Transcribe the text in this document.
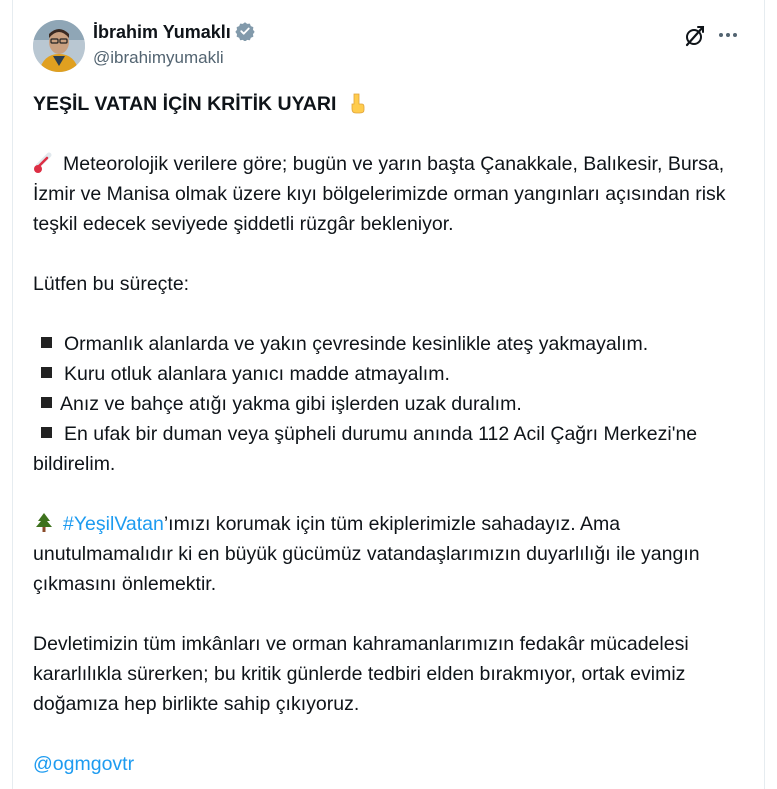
İbrahim Yumaklı
@ibrahimyumakli

YEŞİL VATAN İÇİN KRİTİK UYARI

Meteorolojik verilere göre; bugün ve yarın başta Çanakkale, Balıkesir, Bursa, İzmir ve Manisa olmak üzere kıyı bölgelerimizde orman yangınları açısından risk teşkil edecek seviyede şiddetli rüzgâr bekleniyor.

Lütfen bu süreçte:

Ormanlık alanlarda ve yakın çevresinde kesinlikle ateş yakmayalım.
Kuru otluk alanlara yanıcı madde atmayalım.
Anız ve bahçe atığı yakma gibi işlerden uzak duralım.
En ufak bir duman veya şüpheli durumu anında 112 Acil Çağrı Merkezi'ne bildirelim.

#YeşilVatan’ımızı korumak için tüm ekiplerimizle sahadayız. Ama unutulmamalıdır ki en büyük gücümüz vatandaşlarımızın duyarlılığı ile yangın çıkmasını önlemektir.

Devletimizin tüm imkânları ve orman kahramanlarımızın fedakâr mücadelesi kararlılıkla sürerken; bu kritik günlerde tedbiri elden bırakmıyor, ortak evimiz doğamıza hep birlikte sahip çıkıyoruz.

@ogmgovtr
